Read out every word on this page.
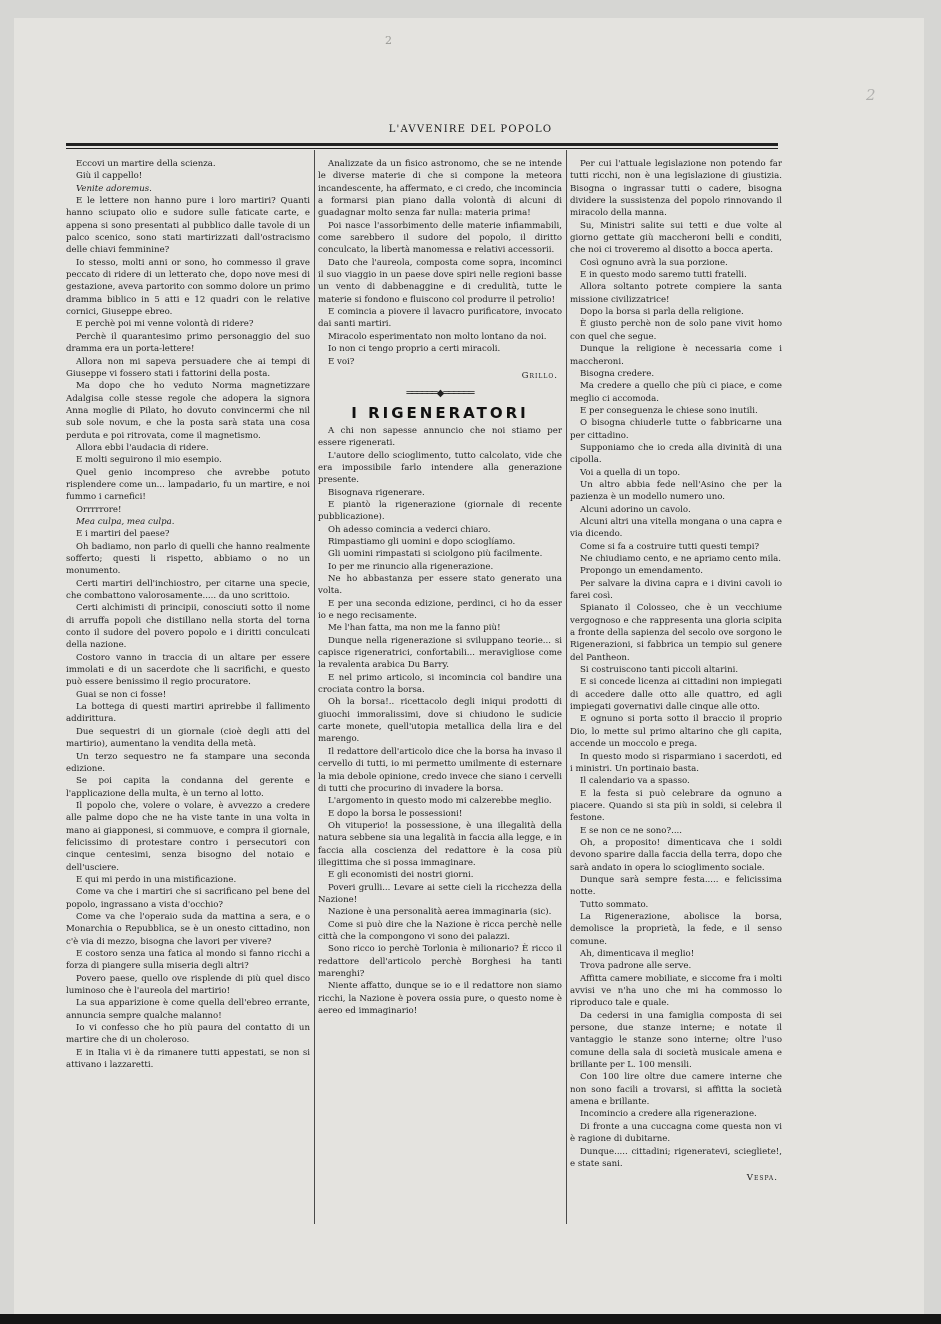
2
2
L'AVVENIRE DEL POPOLO

Eccovi un martire della scienza.

Giù il cappello!

Venite adoremus.

E le lettere non hanno pure i loro martiri? Quanti hanno sciupato olio e sudore sulle faticate carte, e appena si sono presentati al pubblico dalle tavole di un palco scenico, sono stati martirizzati dall'ostracismo delle chiavi femminine?

Io stesso, molti anni or sono, ho commesso il grave peccato di ridere di un letterato che, dopo nove mesi di gestazione, aveva partorito con sommo dolore un primo dramma biblico in 5 atti e 12 quadri con le relative cornici, Giuseppe ebreo.

E perchè poi mi venne volontà di ridere?

Perchè il quarantesimo primo personaggio del suo dramma era un porta-lettere!

Allora non mi sapeva persuadere che ai tempi di Giuseppe vi fossero stati i fattorini della posta.

Ma dopo che ho veduto Norma magnetizzare Adalgisa colle stesse regole che adopera la signora Anna moglie di Pilato, ho dovuto convincermi che nil sub sole novum, e che la posta sarà stata una cosa perduta e poi ritrovata, come il magnetismo.

Allora ebbi l'audacia di ridere.

E molti seguirono il mio esempio.

Quel genio incompreso che avrebbe potuto risplendere come un... lampadario, fu un martire, e noi fummo i carnefici!

Orrrrrore!

Mea culpa, mea culpa.

E i martiri del paese?

Oh badiamo, non parlo di quelli che hanno realmente sofferto; questi li rispetto, abbiamo o no un monumento.

Certi martiri dell'inchiostro, per citarne una specie, che combattono valorosamente..... da uno scrittoio.

Certi alchimisti di principii, conosciuti sotto il nome di arruffa popoli che distillano nella storta del torna conto il sudore del povero popolo e i diritti conculcati della nazione.

Costoro vanno in traccia di un altare per essere immolati e di un sacerdote che li sacrifichi, e questo può essere benissimo il regio procuratore.

Guai se non ci fosse!

La bottega di questi martiri aprirebbe il fallimento addirittura.

Due sequestri di un giornale (cioè degli atti del martirio), aumentano la vendita della metà.

Un terzo sequestro ne fa stampare una seconda edizione.

Se poi capita la condanna del gerente e l'applicazione della multa, è un terno al lotto.

Il popolo che, volere o volare, è avvezzo a credere alle palme dopo che ne ha viste tante in una volta in mano ai giapponesi, si commuove, e compra il giornale, felicissimo di protestare contro i persecutori con cinque centesimi, senza bisogno del notaio e dell'usciere.

E qui mi perdo in una mistificazione.

Come va che i martiri che si sacrificano pel bene del popolo, ingrassano a vista d'occhio?

Come va che l'operaio suda da mattina a sera, e o Monarchia o Repubblica, se è un onesto cittadino, non c'è via di mezzo, bisogna che lavori per vivere?

E costoro senza una fatica al mondo si fanno ricchi a forza di piangere sulla miseria degli altri?

Povero paese, quello ove risplende di più quel disco luminoso che è l'aureola del martirio!

La sua apparizione è come quella dell'ebreo errante, annuncia sempre qualche malanno!

Io vi confesso che ho più paura del contatto di un martire che di un choleroso.

E in Italia vi è da rimanere tutti appestati, se non si attivano i lazzaretti.

Analizzate da un fisico astronomo, che se ne intende le diverse materie di che si compone la meteora incandescente, ha affermato, e ci credo, che incomincia a formarsi pian piano dalla volontà di alcuni di guadagnar molto senza far nulla: materia prima!

Poi nasce l'assorbimento delle materie infiammabili, come sarebbero il sudore del popolo, il diritto conculcato, la libertà manomessa e relativi accessorii.

Dato che l'aureola, composta come sopra, incominci il suo viaggio in un paese dove spiri nelle regioni basse un vento di dabbenaggine e di credulità, tutte le materie si fondono e fluiscono col produrre il petrolio!

E comincia a piovere il lavacro purificatore, invocato dai santi martiri.

Miracolo esperimentato non molto lontano da noi.

Io non ci tengo proprio a certi miracoli.

E voi?

Grillo.
══════◆══════
I RIGENERATORI

A chi non sapesse annuncio che noi stiamo per essere rigenerati.

L'autore dello scioglimento, tutto calcolato, vide che era impossibile farlo intendere alla generazione presente.

Bisognava rigenerare.

E piantò la rigenerazione (giornale di recente pubblicazione).

Oh adesso comincia a vederci chiaro.

Rimpastiamo gli uomini e dopo scioglíamo.

Gli uomini rimpastati si sciolgono più facilmente.

Io per me rinuncio alla rigenerazione.

Ne ho abbastanza per essere stato generato una volta.

E per una seconda edizione, perdinci, ci ho da esser io e nego recisamente.

Me l'han fatta, ma non me la fanno più!

Dunque nella rigenerazione si sviluppano teorie... si capisce rigeneratrici, confortabili... meravigliose come la revalenta arabica Du Barry.

E nel primo articolo, si incomincia col bandire una crociata contro la borsa.

Oh la borsa!.. ricettacolo degli iniqui prodotti di giuochi immoralissimi, dove si chiudono le sudicie carte monete, quell'utopia metallica della lira e del marengo.

Il redattore dell'articolo dice che la borsa ha invaso il cervello di tutti, io mi permetto umilmente di esternare la mia debole opinione, credo invece che siano i cervelli di tutti che procurino di invadere la borsa.

L'argomento in questo modo mi calzerebbe meglio.

E dopo la borsa le possessioni!

Oh vituperio! la possessione, è una illegalità della natura sebbene sia una legalità in faccia alla legge, e in faccia alla coscienza del redattore è la cosa più illegittima che si possa immaginare.

E gli economisti dei nostri giorni.

Poveri grulli... Levare ai sette cieli la ricchezza della Nazione!

Nazione è una personalità aerea immaginaria (sic).

Come si può dire che la Nazione è ricca perchè nelle città che la compongono vi sono dei palazzi.

Sono ricco io perchè Torlonia è milionario? È ricco il redattore dell'articolo perchè Borghesi ha tanti marenghi?

Niente affatto, dunque se io e il redattore non siamo ricchi, la Nazione è povera ossia pure, o questo nome è aereo ed immaginario!

Per cui l'attuale legislazione non potendo far tutti ricchi, non è una legislazione di giustizia. Bisogna o ingrassar tutti o cadere, bisogna dividere la sussistenza del popolo rinnovando il miracolo della manna.

Su, Ministri salite sui tetti e due volte al giorno gettate giù maccheroni belli e conditi, che noi ci troveremo al disotto a bocca aperta.

Così ognuno avrà la sua porzione.

E in questo modo saremo tutti fratelli.

Allora soltanto potrete compiere la santa missione civilizzatrice!

Dopo la borsa si parla della religione.

È giusto perchè non de solo pane vivit homo con quel che segue.

Dunque la religione è necessaria come i maccheroni.

Bisogna credere.

Ma credere a quello che più ci piace, e come meglio ci accomoda.

E per conseguenza le chiese sono inutili.

O bisogna chiuderle tutte o fabbricarne una per cittadino.

Supponiamo che io creda alla divinità di una cipolla.

Voi a quella di un topo.

Un altro abbia fede nell'Asino che per la pazienza è un modello numero uno.

Alcuni adorino un cavolo.

Alcuni altri una vitella mongana o una capra e via dicendo.

Come si fa a costruire tutti questi tempi?

Ne chiudiamo cento, e ne apriamo cento mila.

Propongo un emendamento.

Per salvare la divina capra e i divini cavoli io farei così.

Spianato il Colosseo, che è un vecchiume vergognoso e che rappresenta una gloria scipita a fronte della sapienza del secolo ove sorgono le Rigenerazioni, si fabbrica un tempio sul genere del Pantheon.

Si costruiscono tanti piccoli altarini.

E si concede licenza ai cittadini non impiegati di accedere dalle otto alle quattro, ed agli impiegati governativi dalle cinque alle otto.

E ognuno si porta sotto il braccio il proprio Dio, lo mette sul primo altarino che gli capita, accende un moccolo e prega.

In questo modo si risparmiano i sacerdoti, ed i ministri. Un portinaio basta.

Il calendario va a spasso.

E la festa si può celebrare da ognuno a piacere. Quando si sta più in soldi, si celebra il festone.

E se non ce ne sono?....

Oh, a proposito! dimenticava che i soldi devono sparire dalla faccia della terra, dopo che sarà andato in opera lo scioglimento sociale.

Dunque sarà sempre festa..... e felicissima notte.

Tutto sommato.

La Rigenerazione, abolisce la borsa, demolisce la proprietà, la fede, e il senso comune.

Ah, dimenticava il meglio!

Trova padrone alle serve.

Affitta camere mobiliate, e siccome fra i molti avvisi ve n'ha uno che mi ha commosso lo riproduco tale e quale.

Da cedersi in una famiglia composta di sei persone, due stanze interne; e notate il vantaggio le stanze sono interne; oltre l'uso comune della sala di società musicale amena e brillante per L. 100 mensili.

Con 100 lire oltre due camere interne che non sono facili a trovarsi, si affitta la società amena e brillante.

Incomincio a credere alla rigenerazione.

Di fronte a una cuccagna come questa non vi è ragione di dubitarne.

Dunque..... cittadini; rigeneratevi, sciegliete!, e state sani.

Vespa.
